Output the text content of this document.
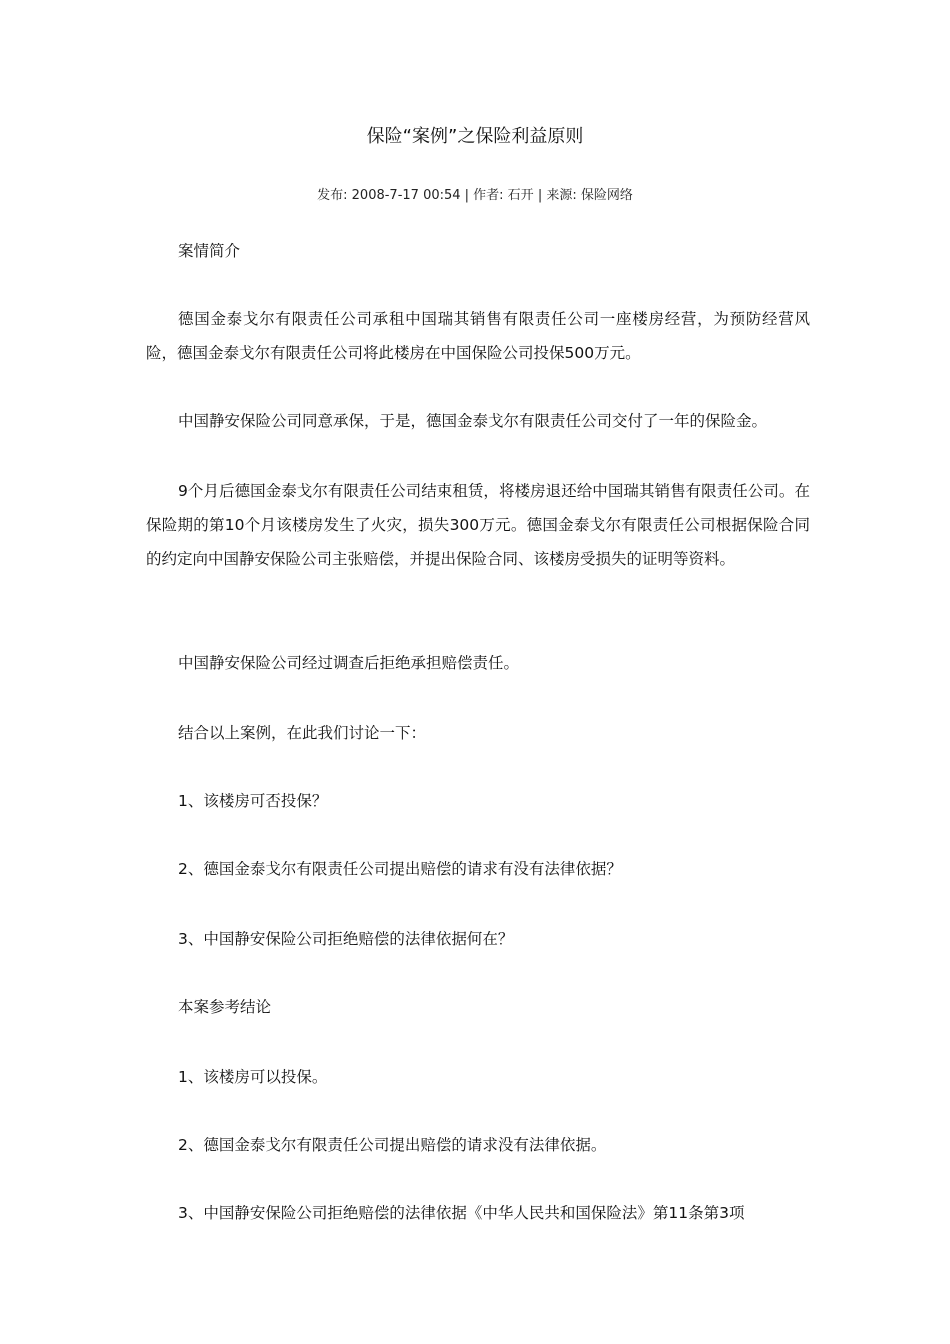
保险“案例”之保险利益原则
发布: 2008-7-17 00:54 | 作者: 石开 | 来源: 保险网络

案情简介

德国金泰戈尔有限责任公司承租中国瑞其销售有限责任公司一座楼房经营，为预防经营风险，德国金泰戈尔有限责任公司将此楼房在中国保险公司投保500万元。

中国静安保险公司同意承保，于是，德国金泰戈尔有限责任公司交付了一年的保险金。

9个月后德国金泰戈尔有限责任公司结束租赁，将楼房退还给中国瑞其销售有限责任公司。在保险期的第10个月该楼房发生了火灾，损失300万元。德国金泰戈尔有限责任公司根据保险合同的约定向中国静安保险公司主张赔偿，并提出保险合同、该楼房受损失的证明等资料。

中国静安保险公司经过调查后拒绝承担赔偿责任。

结合以上案例，在此我们讨论一下：

1、该楼房可否投保？

2、德国金泰戈尔有限责任公司提出赔偿的请求有没有法律依据？

3、中国静安保险公司拒绝赔偿的法律依据何在？

本案参考结论

1、该楼房可以投保。

2、德国金泰戈尔有限责任公司提出赔偿的请求没有法律依据。

3、中国静安保险公司拒绝赔偿的法律依据《中华人民共和国保险法》第11条第3项
